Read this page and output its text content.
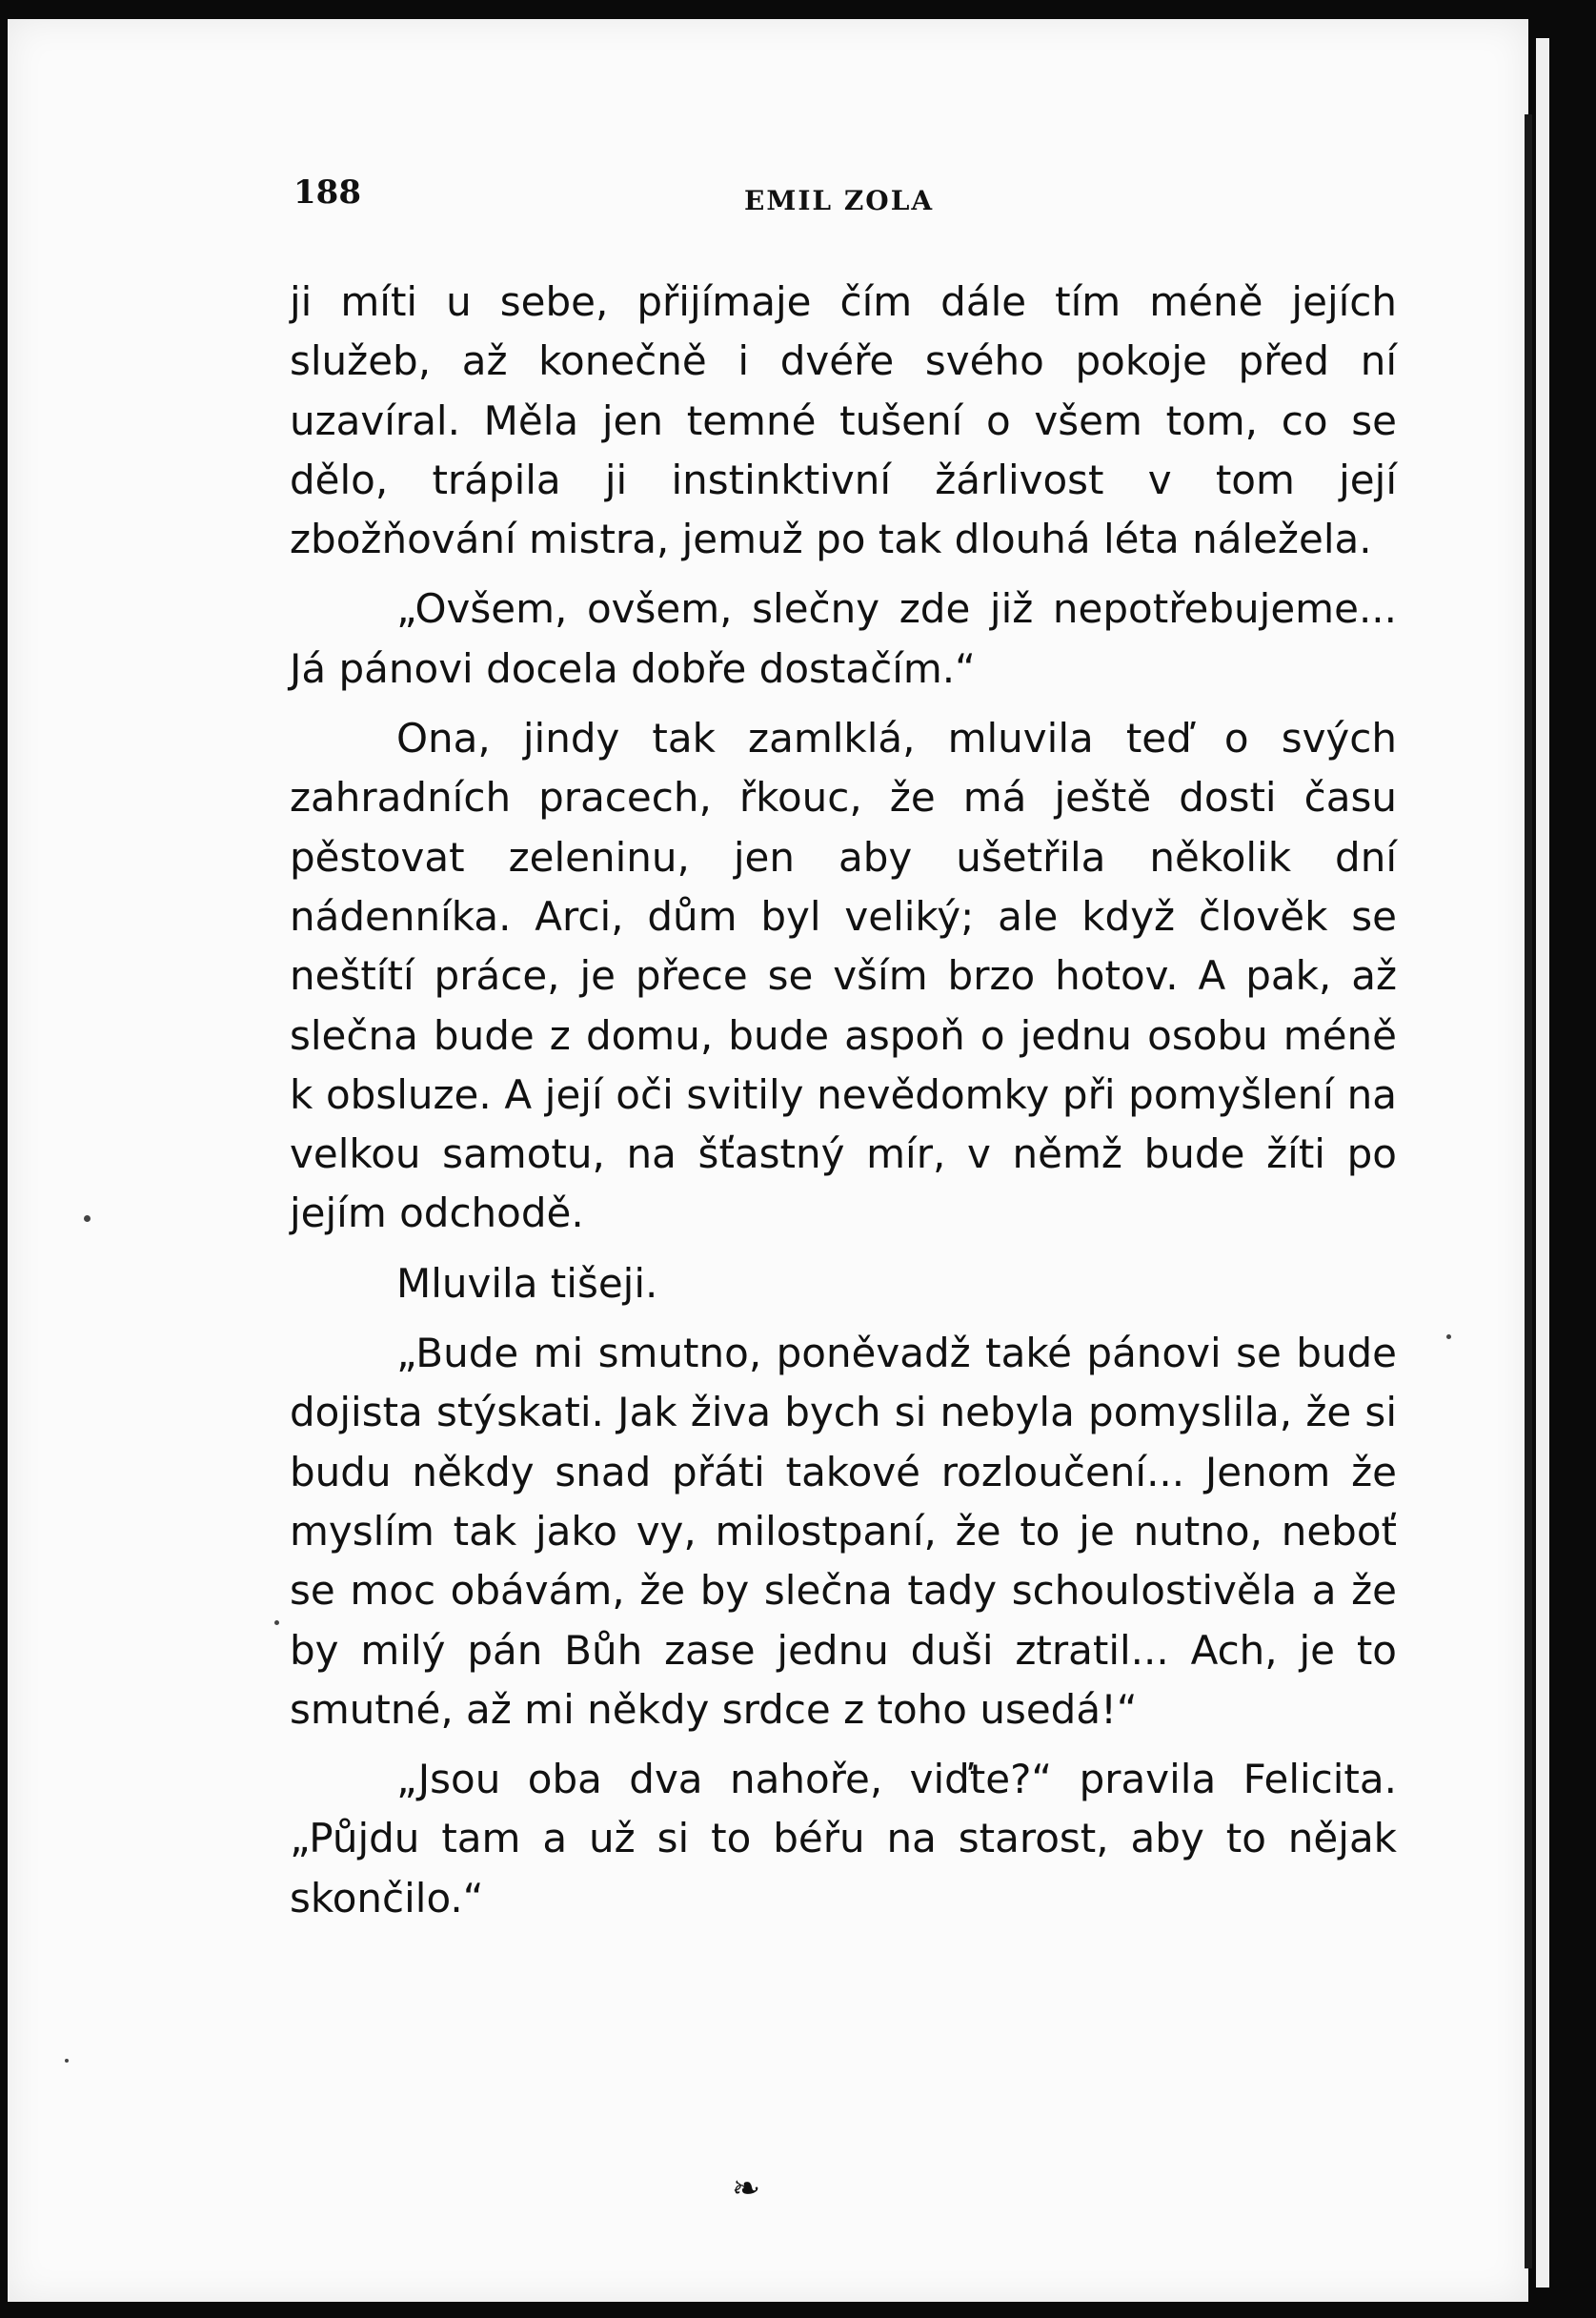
188	EMIL ZOLA

ji míti u sebe, přijímaje čím dále tím méně jejích služeb, až konečně i dvéře svého pokoje před ní uzavíral. Měla jen temné tušení o všem tom, co se dělo, trápila ji instinktivní žárlivost v tom její zbožňování mistra, jemuž po tak dlouhá léta náležela.

„Ovšem, ovšem, slečny zde již nepotřebujeme... Já pánovi docela dobře dostačím.“

Ona, jindy tak zamlklá, mluvila teď o svých zahradních pracech, řkouc, že má ještě dosti času pěstovat zeleninu, jen aby ušetřila několik dní nádenníka. Arci, dům byl veliký; ale když člověk se neštítí práce, je přece se vším brzo hotov. A pak, až slečna bude z domu, bude aspoň o jednu osobu méně k obsluze. A její oči svitily nevědomky při pomyšlení na velkou samotu, na šťastný mír, v němž bude žíti po jejím odchodě.

Mluvila tišeji.

„Bude mi smutno, poněvadž také pánovi se bude dojista stýskati. Jak živa bych si nebyla pomyslila, že si budu někdy snad přáti takové rozloučení... Jenom že myslím tak jako vy, milostpaní, že to je nutno, neboť se moc obávám, že by slečna tady schoulostivěla a že by milý pán Bůh zase jednu duši ztratil... Ach, je to smutné, až mi někdy srdce z toho usedá!“

„Jsou oba dva nahoře, viďte?“ pravila Felicita. „Půjdu tam a už si to béřu na starost, aby to nějak skončilo.“

❧
